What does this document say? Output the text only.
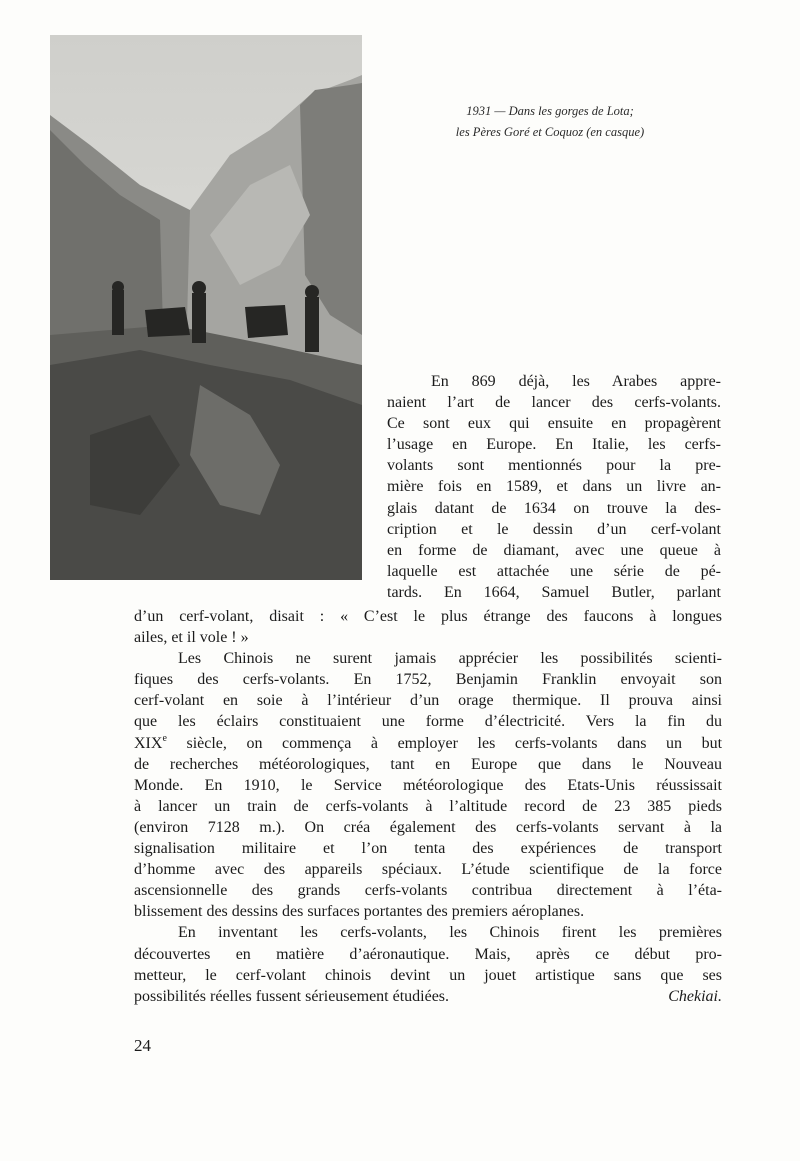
1931 — Dans les gorges de Lota;
les Pères Goré et Coquoz (en casque)
En 869 déjà, les Arabes appre-
naient l’art de lancer des cerfs-volants.
Ce sont eux qui ensuite en propagèrent
l’usage en Europe. En Italie, les cerfs-
volants sont mentionnés pour la pre-
mière fois en 1589, et dans un livre an-
glais datant de 1634 on trouve la des-
cription et le dessin d’un cerf-volant
en forme de diamant, avec une queue à
laquelle est attachée une série de pé-
tards. En 1664, Samuel Butler, parlant
d’un cerf-volant, disait : « C’est le plus étrange des faucons à longues
ailes, et il vole ! »
Les Chinois ne surent jamais apprécier les possibilités scienti-
fiques des cerfs-volants. En 1752, Benjamin Franklin envoyait son
cerf-volant en soie à l’intérieur d’un orage thermique. Il prouva ainsi
que les éclairs constituaient une forme d’électricité. Vers la fin du
XIXe siècle, on commença à employer les cerfs-volants dans un but
de recherches météorologiques, tant en Europe que dans le Nouveau
Monde. En 1910, le Service météorologique des Etats-Unis réussissait
à lancer un train de cerfs-volants à l’altitude record de 23 385 pieds
(environ 7128 m.). On créa également des cerfs-volants servant à la
signalisation militaire et l’on tenta des expériences de transport
d’homme avec des appareils spéciaux. L’étude scientifique de la force
ascensionnelle des grands cerfs-volants contribua directement à l’éta-
blissement des dessins des surfaces portantes des premiers aéroplanes.
En inventant les cerfs-volants, les Chinois firent les premières
découvertes en matière d’aéronautique. Mais, après ce début pro-
metteur, le cerf-volant chinois devint un jouet artistique sans que ses
possibilités réelles fussent sérieusement étudiées.	Chekiai.
24
